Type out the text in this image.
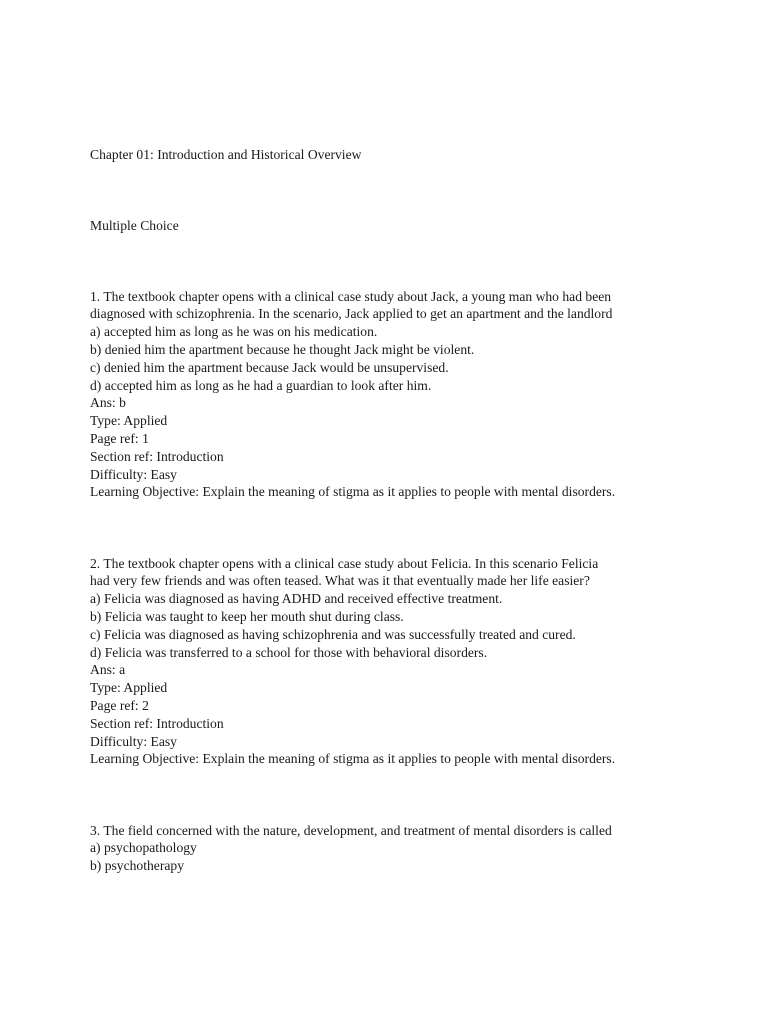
Chapter 01: Introduction and Historical Overview
Multiple Choice
1. The textbook chapter opens with a clinical case study about Jack, a young man who had been
diagnosed with schizophrenia. In the scenario, Jack applied to get an apartment and the landlord
a) accepted him as long as he was on his medication.
b) denied him the apartment because he thought Jack might be violent.
c) denied him the apartment because Jack would be unsupervised.
d) accepted him as long as he had a guardian to look after him.
Ans: b
Type: Applied
Page ref: 1
Section ref: Introduction
Difficulty: Easy
Learning Objective: Explain the meaning of stigma as it applies to people with mental disorders.
2. The textbook chapter opens with a clinical case study about Felicia. In this scenario Felicia
had very few friends and was often teased. What was it that eventually made her life easier?
a) Felicia was diagnosed as having ADHD and received effective treatment.
b) Felicia was taught to keep her mouth shut during class.
c) Felicia was diagnosed as having schizophrenia and was successfully treated and cured.
d) Felicia was transferred to a school for those with behavioral disorders.
Ans: a
Type: Applied
Page ref: 2
Section ref: Introduction
Difficulty: Easy
Learning Objective: Explain the meaning of stigma as it applies to people with mental disorders.
3. The field concerned with the nature, development, and treatment of mental disorders is called
a) psychopathology
b) psychotherapy
